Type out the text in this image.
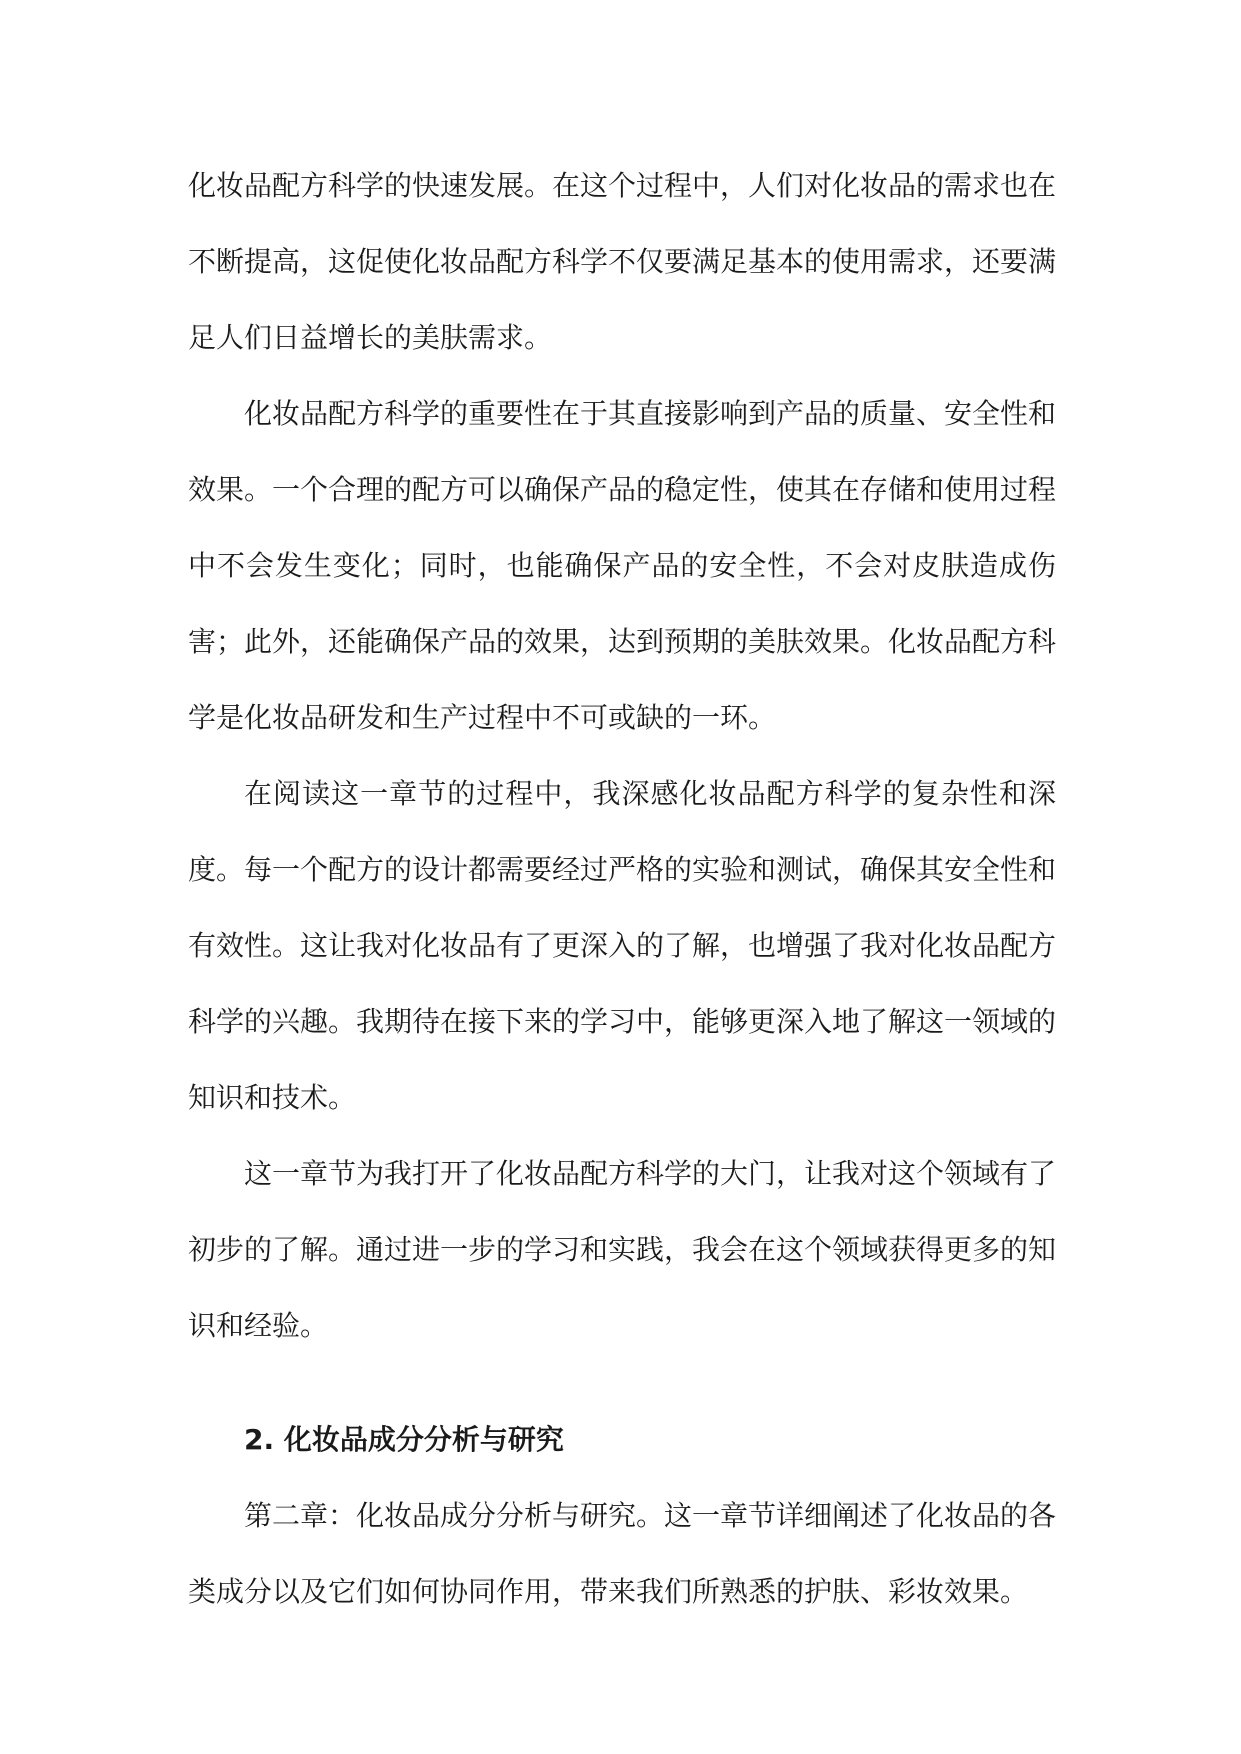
化妆品配方科学的快速发展。在这个过程中，人们对化妆品的需求也在不断提高，这促使化妆品配方科学不仅要满足基本的使用需求，还要满足人们日益增长的美肤需求。

化妆品配方科学的重要性在于其直接影响到产品的质量、安全性和效果。一个合理的配方可以确保产品的稳定性，使其在存储和使用过程中不会发生变化；同时，也能确保产品的安全性，不会对皮肤造成伤害；此外，还能确保产品的效果，达到预期的美肤效果。化妆品配方科学是化妆品研发和生产过程中不可或缺的一环。

在阅读这一章节的过程中，我深感化妆品配方科学的复杂性和深度。每一个配方的设计都需要经过严格的实验和测试，确保其安全性和有效性。这让我对化妆品有了更深入的了解，也增强了我对化妆品配方科学的兴趣。我期待在接下来的学习中，能够更深入地了解这一领域的知识和技术。

这一章节为我打开了化妆品配方科学的大门，让我对这个领域有了初步的了解。通过进一步的学习和实践，我会在这个领域获得更多的知识和经验。

2. 化妆品成分分析与研究

第二章：化妆品成分分析与研究。这一章节详细阐述了化妆品的各类成分以及它们如何协同作用，带来我们所熟悉的护肤、彩妆效果。
